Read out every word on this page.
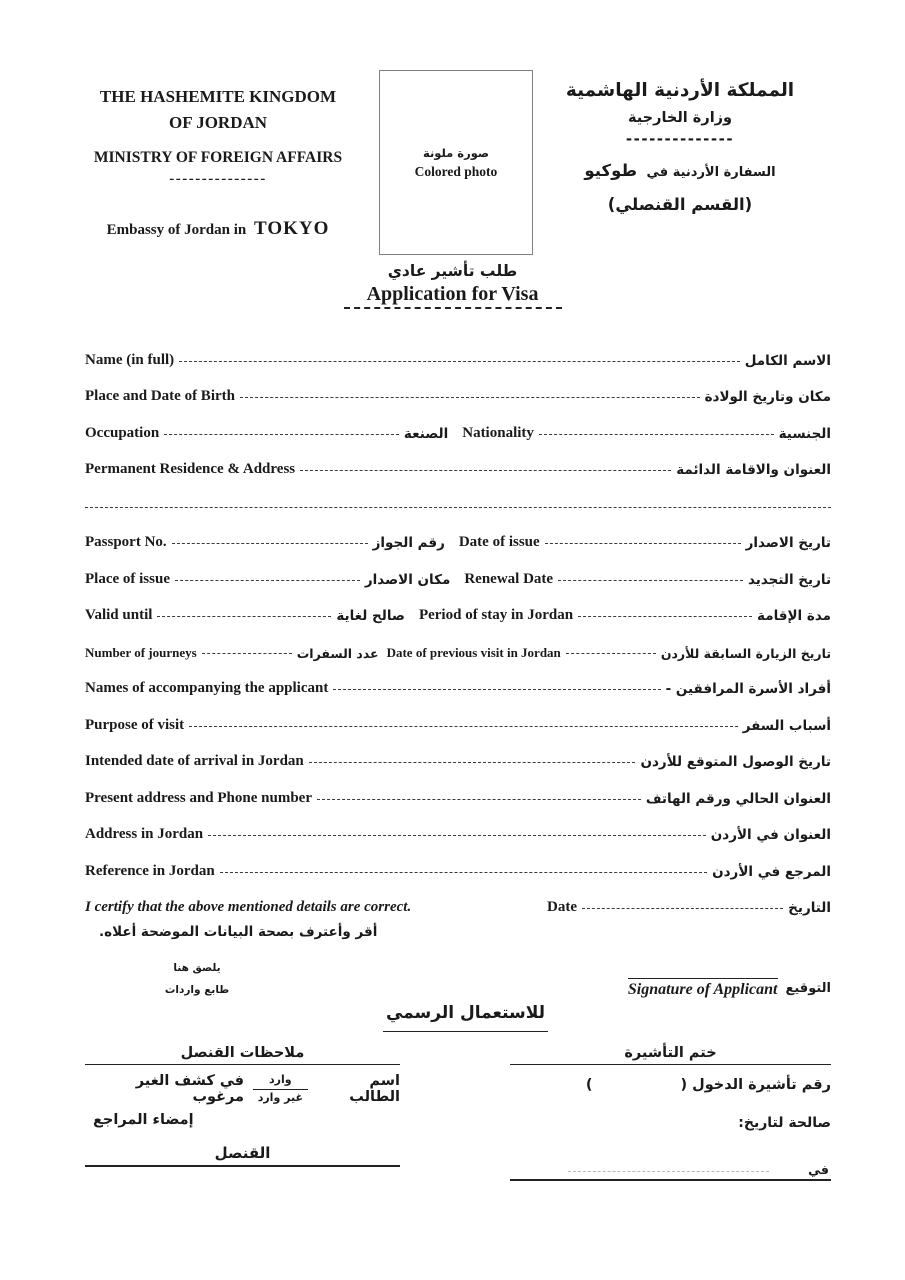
THE HASHEMITE KINGDOM
OF JORDAN
MINISTRY OF FOREIGN AFFAIRS
---------------
Embassy of Jordan in TOKYO
صورة ملونة
Colored photo
المملكة الأردنية الهاشمية
وزارة الخارجية
--------------
السفارة الأردنية في طوكيو
(القسم القنصلي)
طلب تأشير عادي
Application for Visa
Name (in full)	الاسم الكامل
Place and Date of Birth	مكان وتاريخ الولادة
Occupation	الصنعة Nationality	الجنسية
Permanent Residence & Address	العنوان والاقامة الدائمة
Passport No.	رقم الجواز Date of issue	تاريخ الاصدار
Place of issue	مكان الاصدار Renewal Date	تاريخ التجديد
Valid until	صالح لغاية Period of stay in Jordan	مدة الإقامة
Number of journeys	عدد السفرات Date of previous visit in Jordan	تاريخ الزيارة السابقة للأردن
Names of accompanying the applicant	أفراد الأسرة المرافقين -
Purpose of visit	أسباب السفر
Intended date of arrival in Jordan	تاريخ الوصول المتوقع للأردن
Present address and Phone number	العنوان الحالي ورقم الهاتف
Address in Jordan	العنوان في الأردن
Reference in Jordan	المرجع في الأردن
I certify that the above mentioned details are correct.	Date	التاريخ
أقر وأعترف بصحة البيانات الموضحة أعلاه.
يلصق هنا
طابع واردات	Signature of Applicant التوقيع
للاستعمال الرسمي
ملاحظات القنصل
اسم الطالب
$\frac{\text{وارد}}{\text{غير وارد}}$
في كشف الغير مرغوب
إمضاء المراجع
القنصل
ختم التأشيرة
رقم تأشيرة الدخول (
)
صالحة لتاريخ:
في
